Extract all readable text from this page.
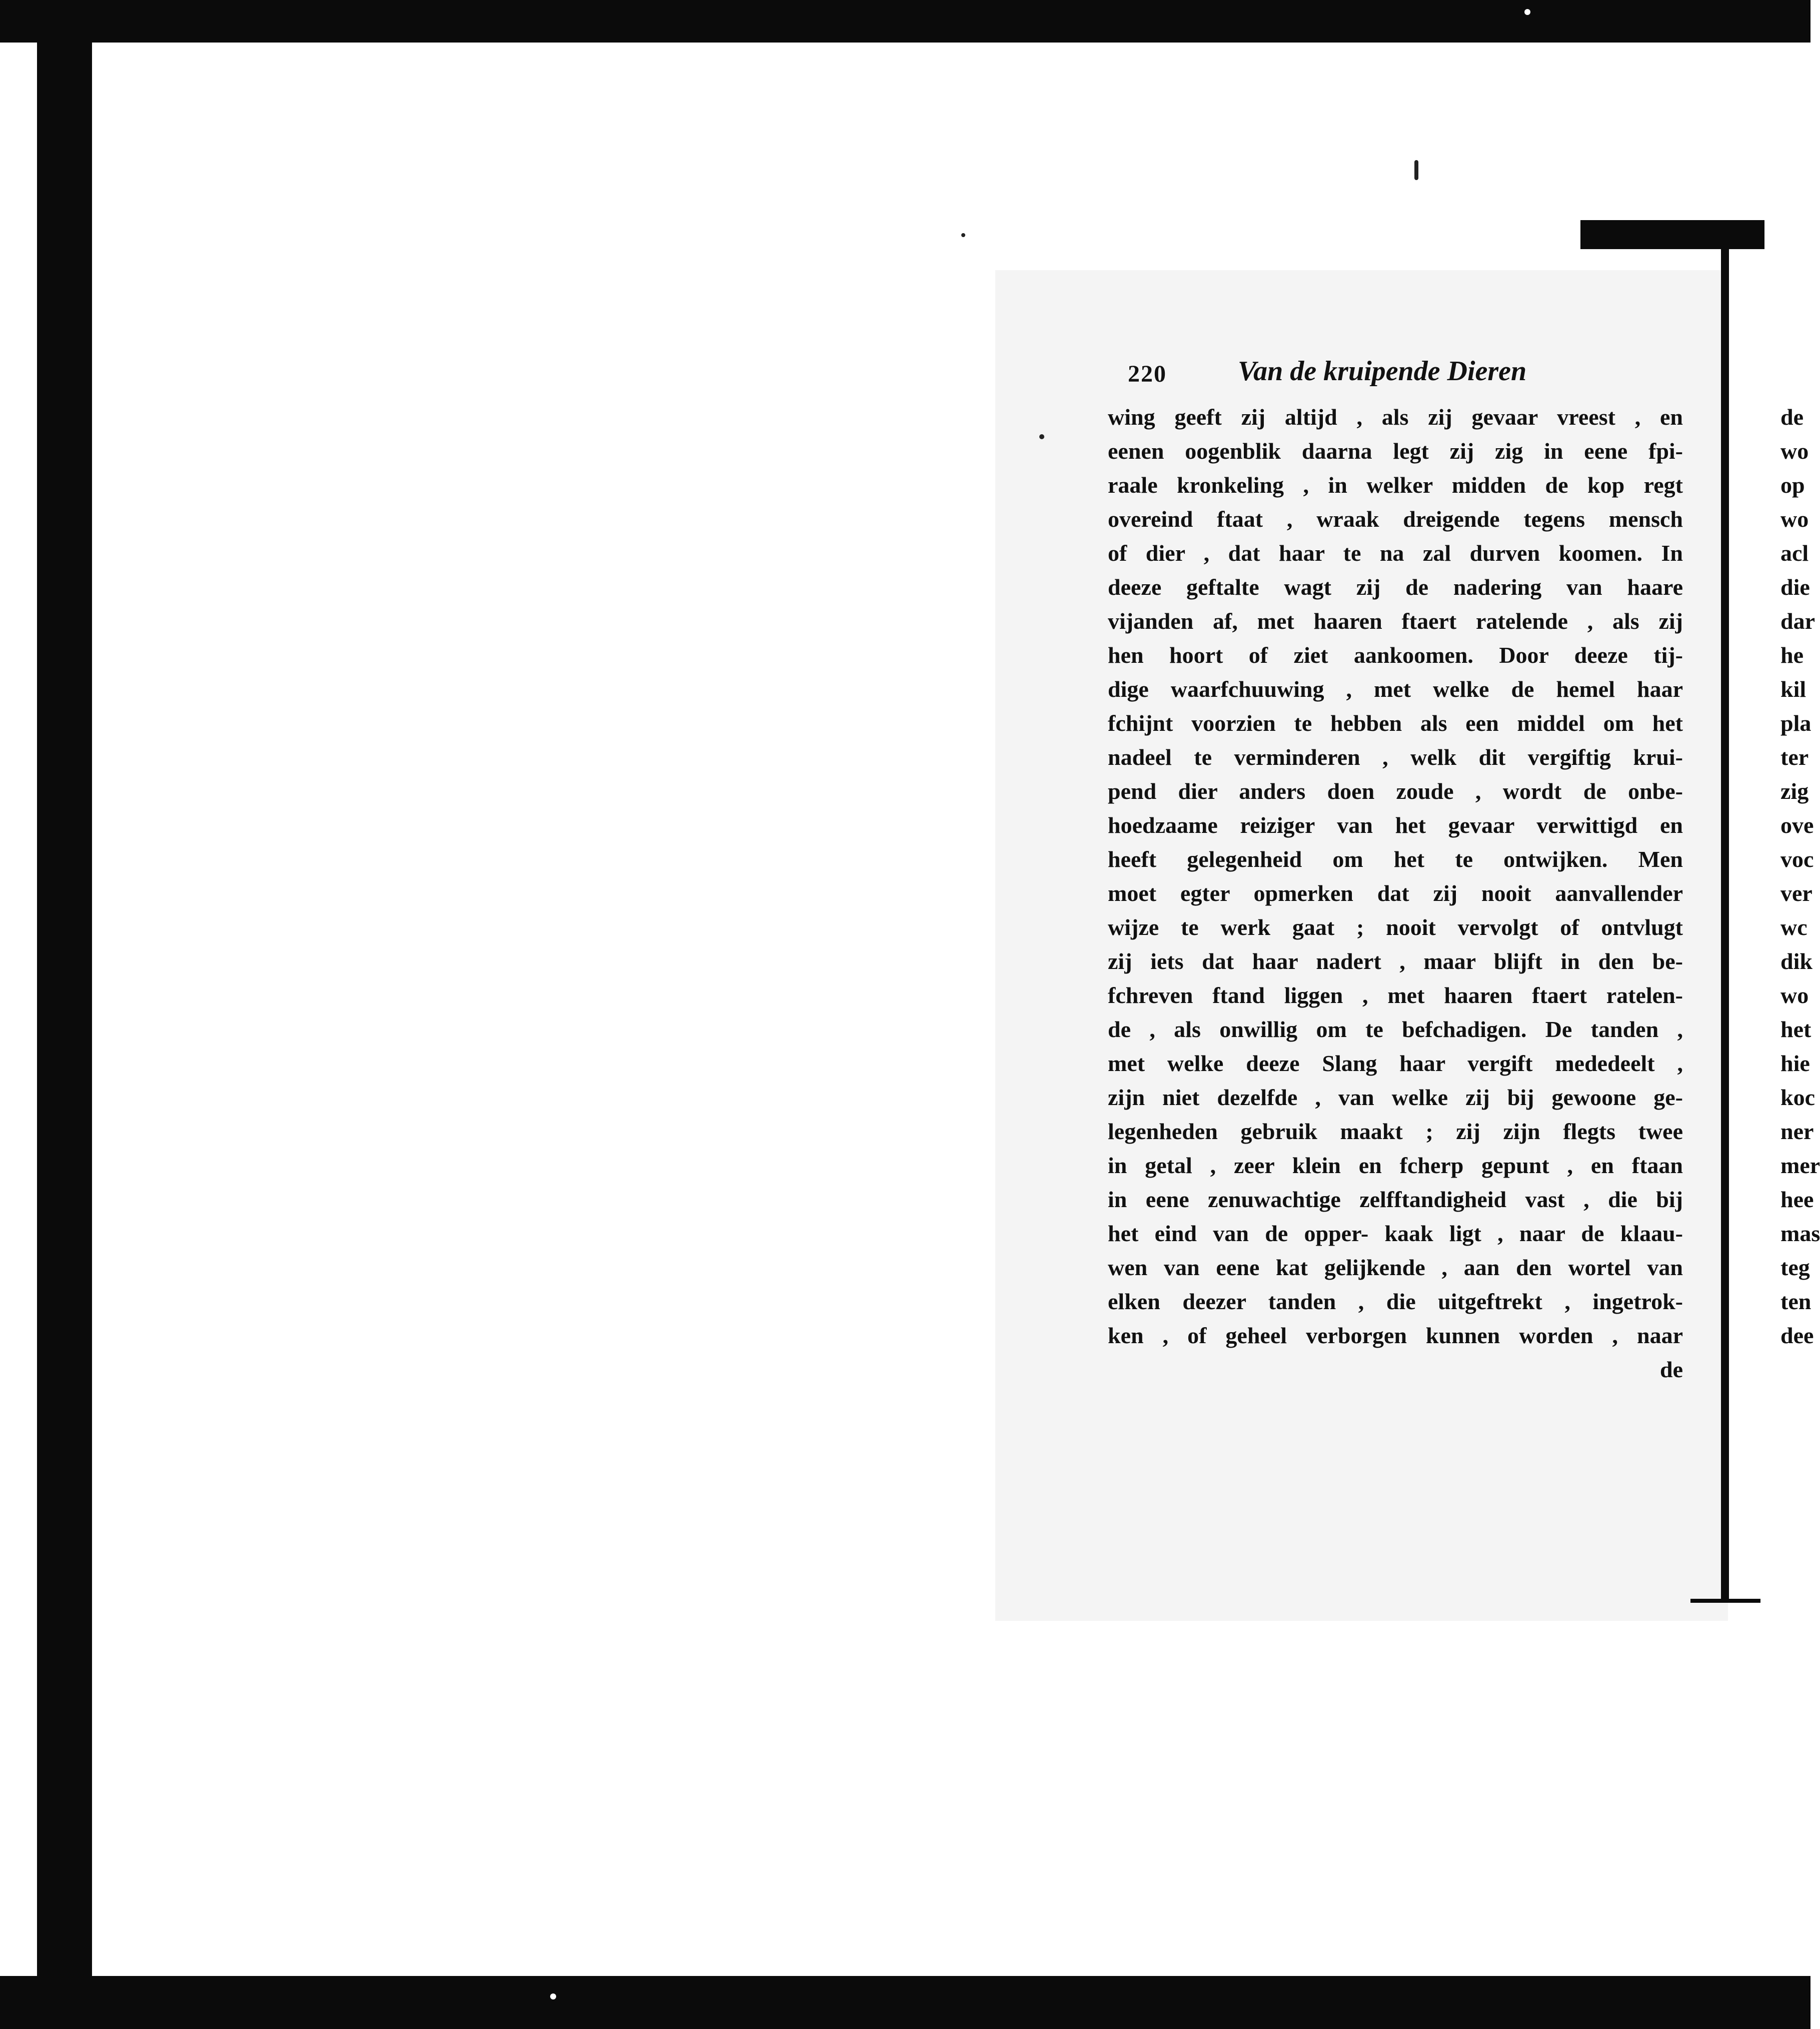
220	Van de kruipende Dieren
wing geeft zij altijd , als zij gevaar vreest , en
eenen oogenblik daarna legt zij zig in eene fpi-
raale kronkeling , in welker midden de kop regt
overeind ftaat , wraak dreigende tegens mensch
of dier , dat haar te na zal durven koomen. In
deeze geftalte wagt zij de nadering van haare
vijanden af, met haaren ftaert ratelende , als zij
hen hoort of ziet aankoomen. Door deeze tij-
dige waarfchuuwing , met welke de hemel haar
fchijnt voorzien te hebben als een middel om het
nadeel te verminderen , welk dit vergiftig krui-
pend dier anders doen zoude , wordt de onbe-
hoedzaame reiziger van het gevaar verwittigd en
heeft gelegenheid om het te ontwijken. Men
moet egter opmerken dat zij nooit aanvallender
wijze te werk gaat ; nooit vervolgt of ontvlugt
zij iets dat haar nadert , maar blijft in den be-
fchreven ftand liggen , met haaren ftaert ratelen-
de , als onwillig om te befchadigen. De tanden ,
met welke deeze Slang haar vergift mededeelt ,
zijn niet dezelfde , van welke zij bij gewoone ge-
legenheden gebruik maakt ; zij zijn flegts twee
in getal , zeer klein en fcherp gepunt , en ftaan
in eene zenuwachtige zelfftandigheid vast , die bij
het eind van de opper- kaak ligt , naar de klaau-
wen van eene kat gelijkende , aan den wortel van
elken deezer tanden , die uitgeftrekt , ingetrok-
ken , of geheel verborgen kunnen worden , naar
de
de
wo
op
wo
acl
die
dar
he
kil
pla
ter
zig
ove
voc
ver
wc
dik
wo
het
hie
koc
ner
mer
hee
mas
teg
ten
dee
